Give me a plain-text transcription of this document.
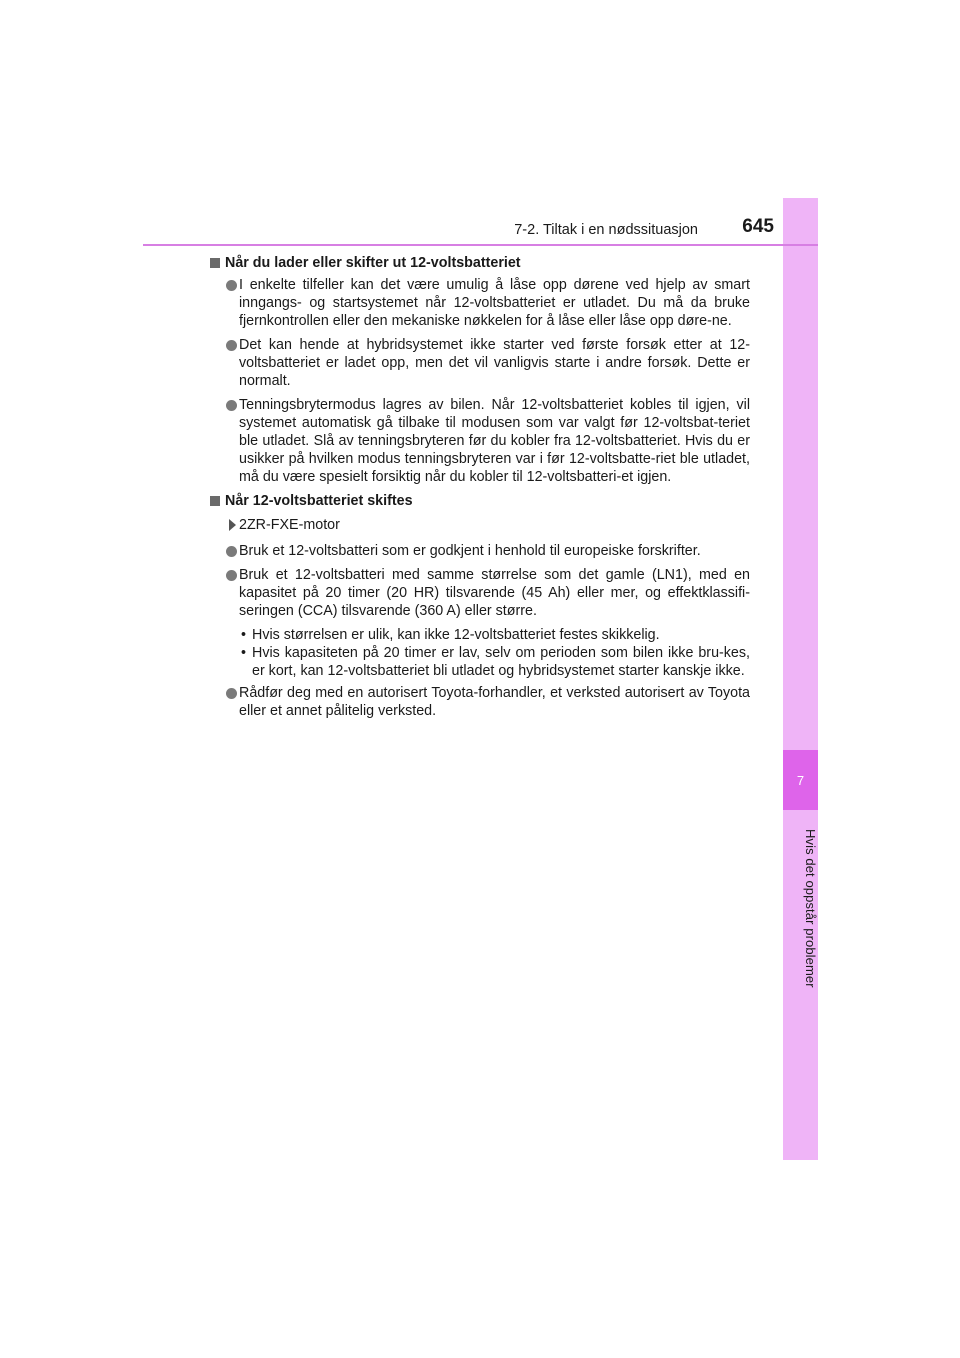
7
Hvis det oppstår problemer
7-2. Tiltak i en nødssituasjon	645
Når du lader eller skifter ut 12-voltsbatteriet
I enkelte tilfeller kan det være umulig å låse opp dørene ved hjelp av smart inngangs- og startsystemet når 12-voltsbatteriet er utladet. Du må da bruke fjernkontrollen eller den mekaniske nøkkelen for å låse eller låse opp døre-ne.
Det kan hende at hybridsystemet ikke starter ved første forsøk etter at 12-voltsbatteriet er ladet opp, men det vil vanligvis starte i andre forsøk. Dette er normalt.
Tenningsbrytermodus lagres av bilen. Når 12-voltsbatteriet kobles til igjen, vil systemet automatisk gå tilbake til modusen som var valgt før 12-voltsbat-teriet ble utladet. Slå av tenningsbryteren før du kobler fra 12-voltsbatteriet. Hvis du er usikker på hvilken modus tenningsbryteren var i før 12-voltsbatte-riet ble utladet, må du være spesielt forsiktig når du kobler til 12-voltsbatteri-et igjen.
Når 12-voltsbatteriet skiftes
2ZR-FXE-motor
Bruk et 12-voltsbatteri som er godkjent i henhold til europeiske forskrifter.
Bruk et 12-voltsbatteri med samme størrelse som det gamle (LN1), med en kapasitet på 20 timer (20 HR) tilsvarende (45 Ah) eller mer, og effektklassifi-seringen (CCA) tilsvarende (360 A) eller større.
• Hvis størrelsen er ulik, kan ikke 12-voltsbatteriet festes skikkelig.
• Hvis kapasiteten på 20 timer er lav, selv om perioden som bilen ikke bru-kes, er kort, kan 12-voltsbatteriet bli utladet og hybridsystemet starter kanskje ikke.
Rådfør deg med en autorisert Toyota-forhandler, et verksted autorisert av Toyota eller et annet pålitelig verksted.
